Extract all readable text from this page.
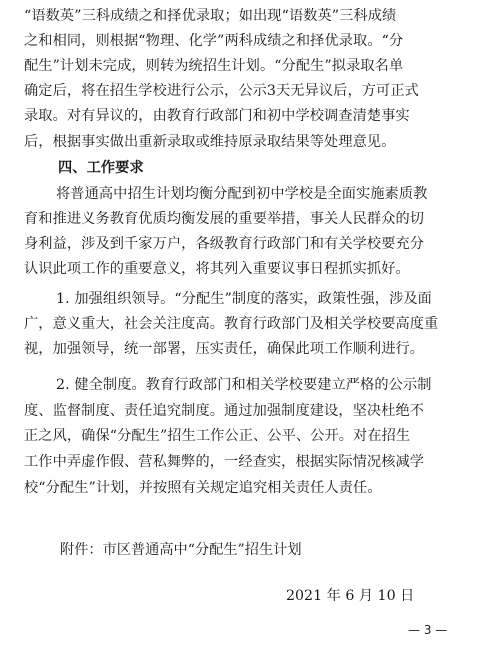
“语数英”三科成绩之和择优录取；如出现“语数英”三科成绩
之和相同，则根据“物理、化学”两科成绩之和择优录取。“分
配生”计划未完成，则转为统招生计划。“分配生”拟录取名单
确定后，将在招生学校进行公示，公示3天无异议后，方可正式
录取。对有异议的，由教育行政部门和初中学校调查清楚事实
后，根据事实做出重新录取或维持原录取结果等处理意见。
四、工作要求
将普通高中招生计划均衡分配到初中学校是全面实施素质教
育和推进义务教育优质均衡发展的重要举措，事关人民群众的切
身利益，涉及到千家万户，各级教育行政部门和有关学校要充分
认识此项工作的重要意义，将其列入重要议事日程抓实抓好。
1. 加强组织领导。“分配生”制度的落实，政策性强，涉及面
广，意义重大，社会关注度高。教育行政部门及相关学校要高度重
视，加强领导，统一部署，压实责任，确保此项工作顺利进行。
2. 健全制度。教育行政部门和相关学校要建立严格的公示制
度、监督制度、责任追究制度。通过加强制度建设，坚决杜绝不
正之风，确保“分配生”招生工作公正、公平、公开。对在招生
工作中弄虚作假、营私舞弊的，一经查实，根据实际情况核减学
校“分配生”计划，并按照有关规定追究相关责任人责任。
附件：市区普通高中“分配生”招生计划
2021 年 6 月 10 日
— 3 —
